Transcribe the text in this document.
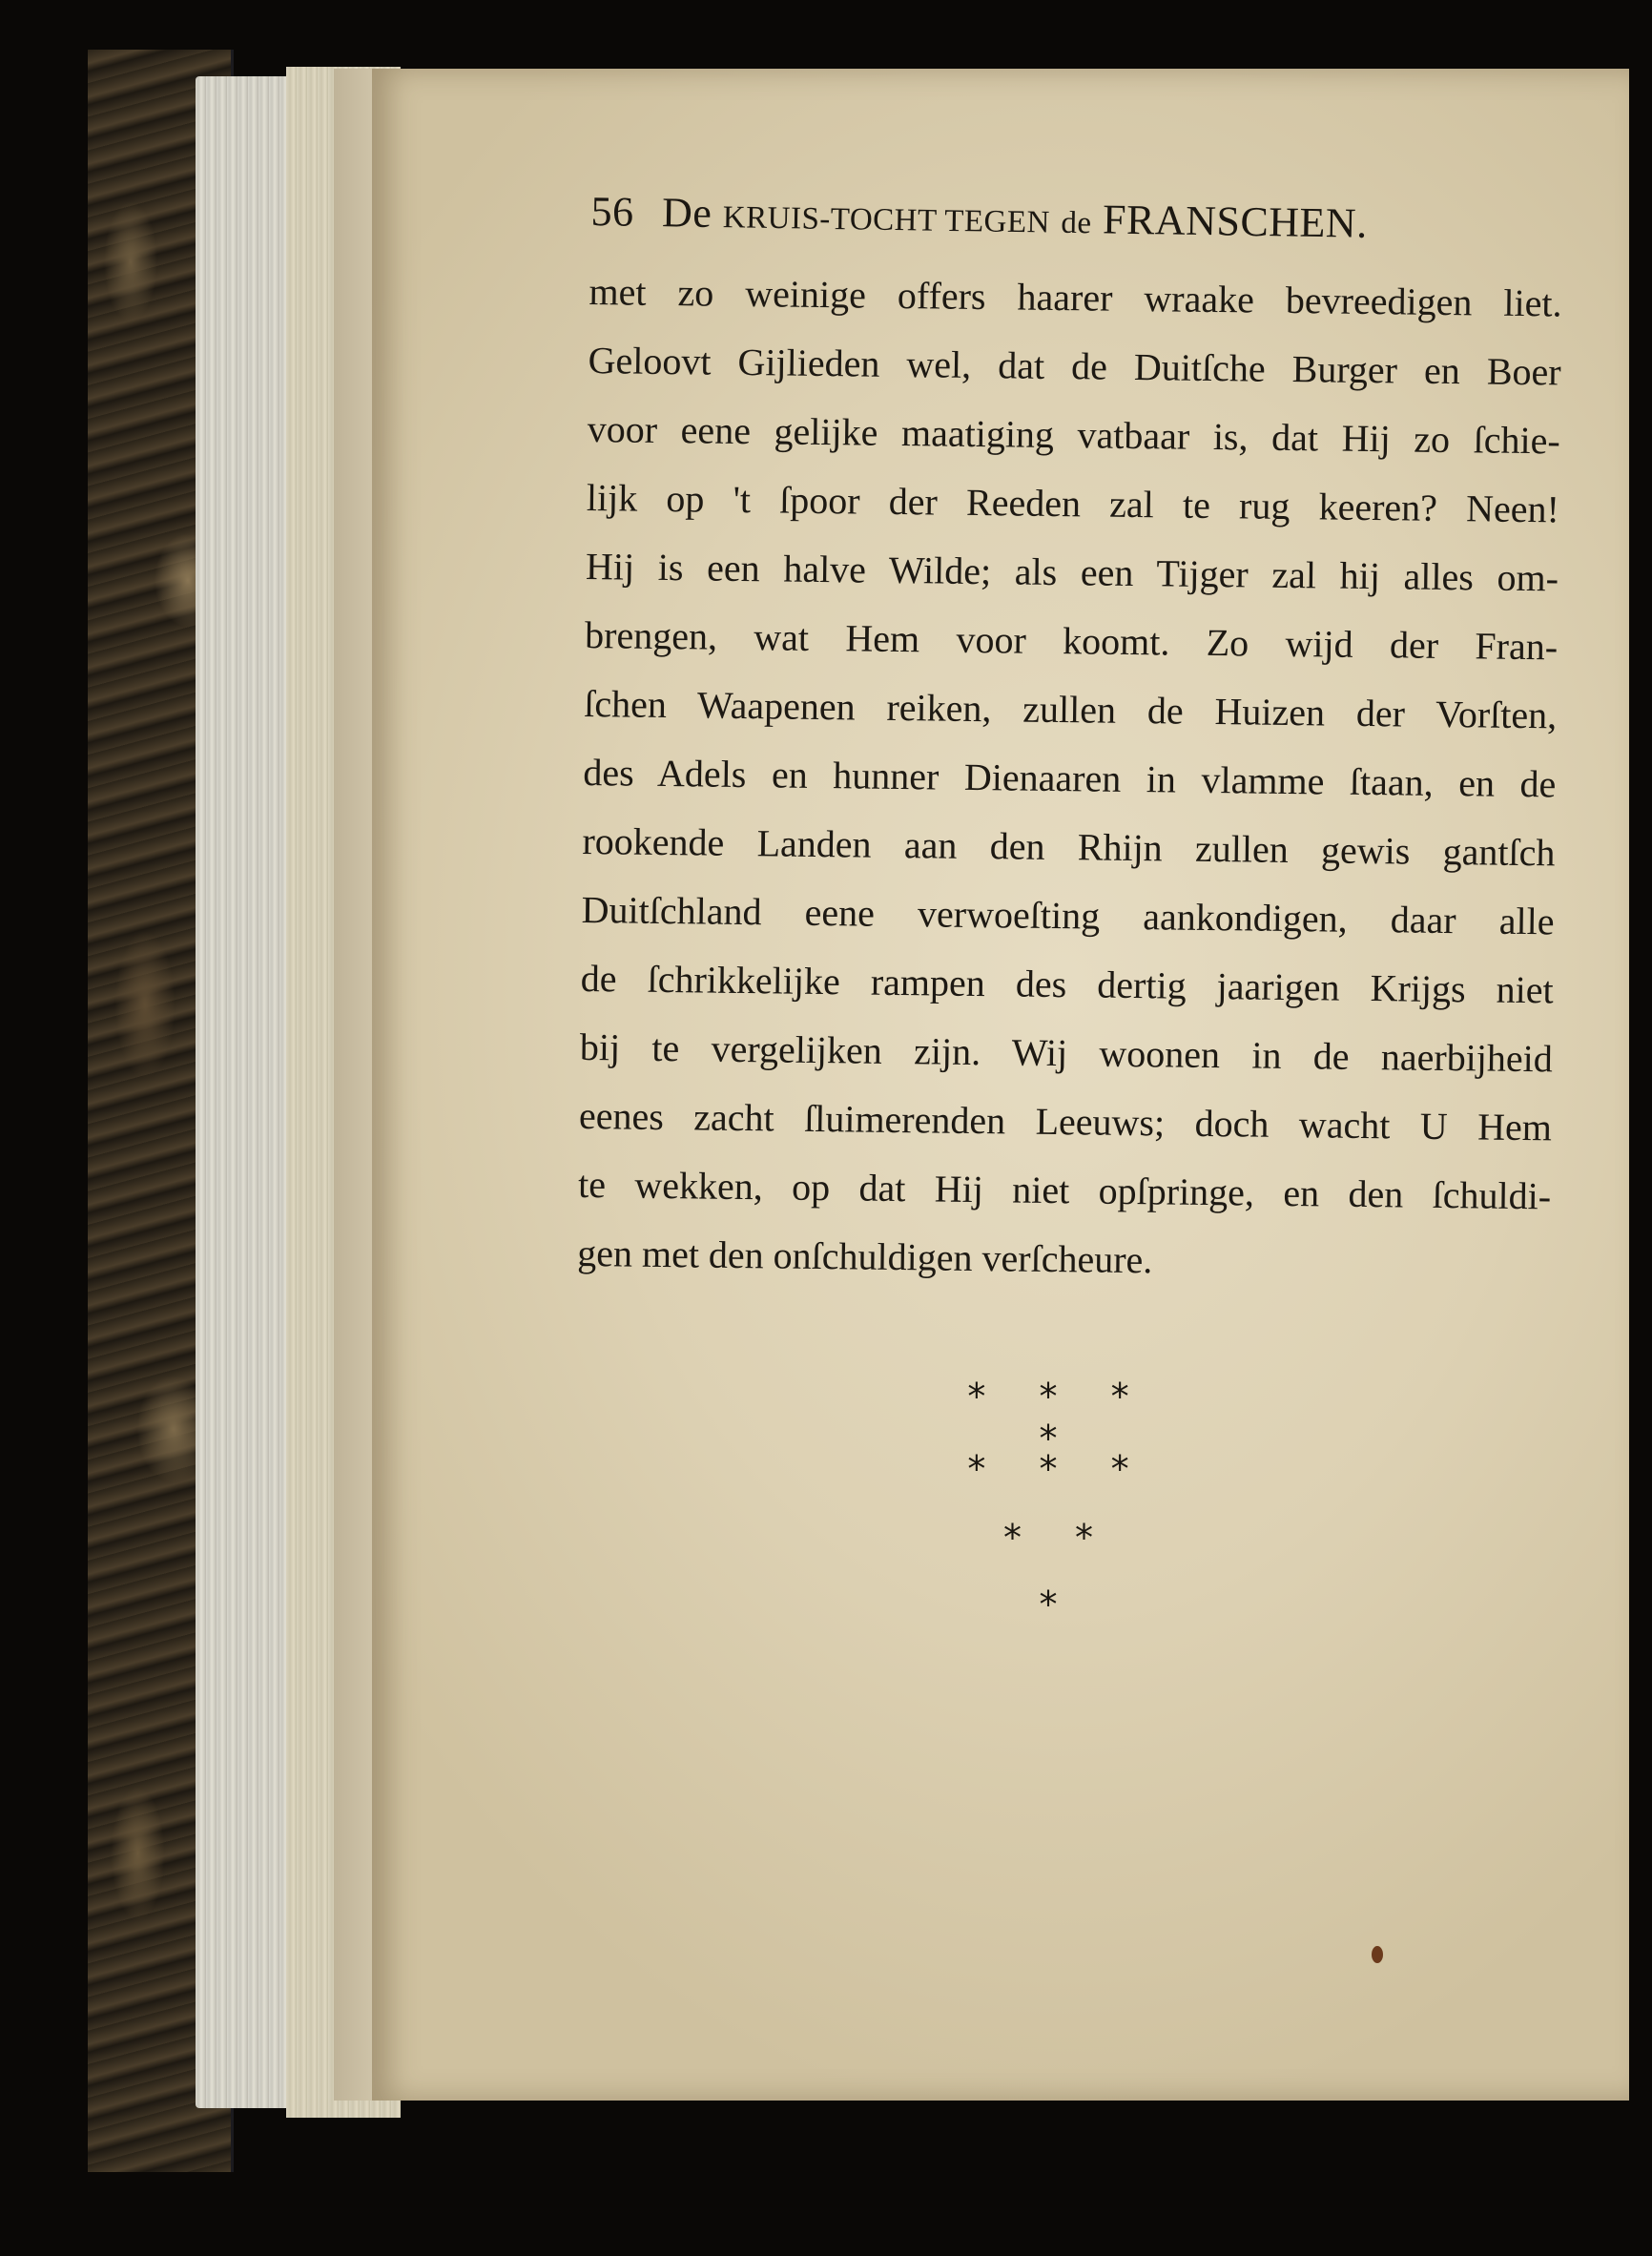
56 De KRUIS-TOCHT TEGEN de FRANSCHEN.
met zo weinige offers haarer wraake bevreedigen liet.
Geloovt Gijlieden wel, dat de Duitſche Burger en Boer
voor eene gelijke maatiging vatbaar is, dat Hij zo ſchie-
lijk op 't ſpoor der Reeden zal te rug keeren? Neen!
Hij is een halve Wilde; als een Tijger zal hij alles om-
brengen, wat Hem voor koomt. Zo wijd der Fran-
ſchen Waapenen reiken, zullen de Huizen der Vorſten,
des Adels en hunner Dienaaren in vlamme ſtaan, en de
rookende Landen aan den Rhijn zullen gewis gantſch
Duitſchland eene verwoeſting aankondigen, daar alle
de ſchrikkelijke rampen des dertig jaarigen Krijgs niet
bij te vergelijken zijn. Wij woonen in de naerbijheid
eenes zacht ſluimerenden Leeuws; doch wacht U Hem
te wekken, op dat Hij niet opſpringe, en den ſchuldi-
gen met den onſchuldigen verſcheure.
* * * *
* * *
* *
*
